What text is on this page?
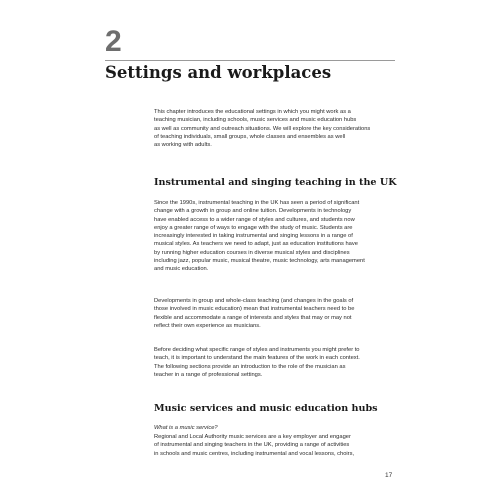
2
Settings and workplaces

This chapter introduces the educational settings in which you might work as a
teaching musician, including schools, music services and music education hubs
as well as community and outreach situations. We will explore the key considerations
of teaching individuals, small groups, whole classes and ensembles as well
as working with adults.

Instrumental and singing teaching in the UK

Since the 1990s, instrumental teaching in the UK has seen a period of significant
change with a growth in group and online tuition. Developments in technology
have enabled access to a wider range of styles and cultures, and students now
enjoy a greater range of ways to engage with the study of music. Students are
increasingly interested in taking instrumental and singing lessons in a range of
musical styles. As teachers we need to adapt, just as education institutions have
by running higher education courses in diverse musical styles and disciplines
including jazz, popular music, musical theatre, music technology, arts management
and music education.

Developments in group and whole-class teaching (and changes in the goals of
those involved in music education) mean that instrumental teachers need to be
flexible and accommodate a range of interests and styles that may or may not
reflect their own experience as musicians.

Before deciding what specific range of styles and instruments you might prefer to
teach, it is important to understand the main features of the work in each context.
The following sections provide an introduction to the role of the musician as
teacher in a range of professional settings.

Music services and music education hubs
What is a music service?

Regional and Local Authority music services are a key employer and engager
of instrumental and singing teachers in the UK, providing a range of activities
in schools and music centres, including instrumental and vocal lessons, choirs,

17
